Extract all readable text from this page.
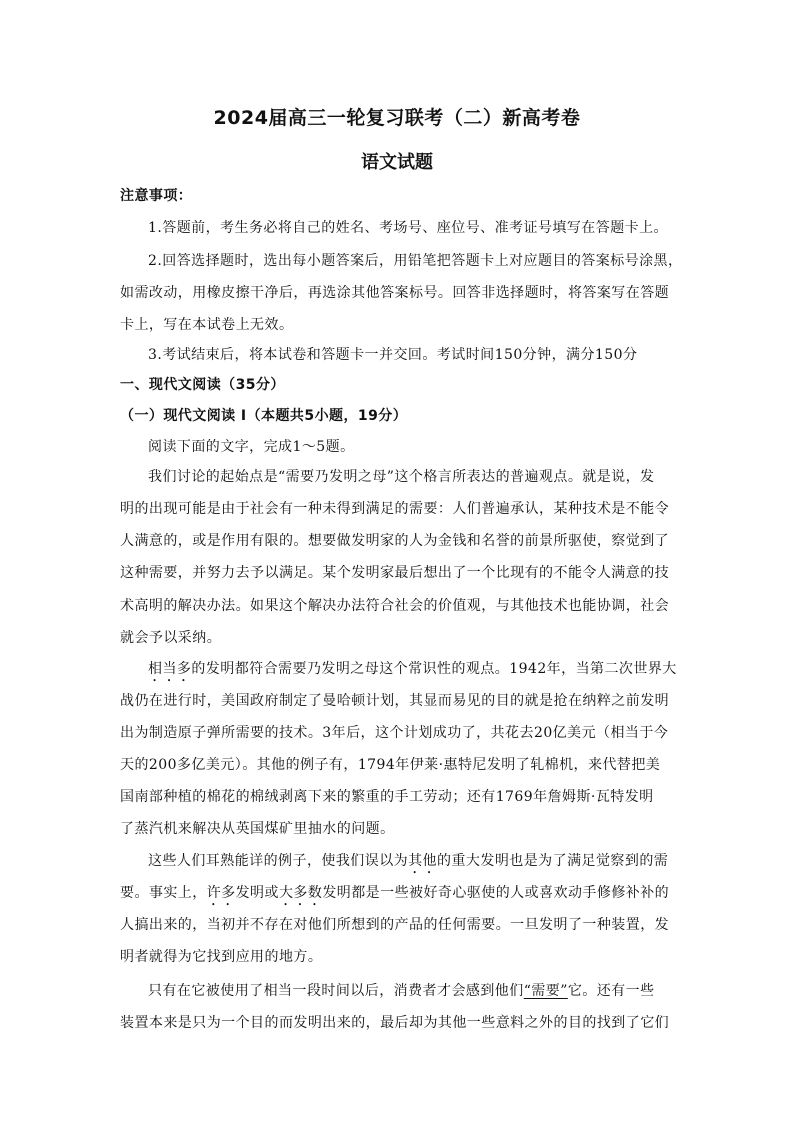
2024届高三一轮复习联考（二）新高考卷
语文试题
注意事项：
1.答题前，考生务必将自己的姓名、考场号、座位号、准考证号填写在答题卡上。
2.回答选择题时，选出每小题答案后，用铅笔把答题卡上对应题目的答案标号涂黑，
如需改动，用橡皮擦干净后，再选涂其他答案标号。回答非选择题时，将答案写在答题
卡上，写在本试卷上无效。
3.考试结束后，将本试卷和答题卡一并交回。考试时间150分钟，满分150分
一、现代文阅读（35分）
（一）现代文阅读 I（本题共5小题，19分）
阅读下面的文字，完成1～5题。
我们讨论的起始点是“需要乃发明之母”这个格言所表达的普遍观点。就是说，发
明的出现可能是由于社会有一种未得到满足的需要：人们普遍承认，某种技术是不能令
人满意的，或是作用有限的。想要做发明家的人为金钱和名誉的前景所驱使，察觉到了
这种需要，并努力去予以满足。某个发明家最后想出了一个比现有的不能令人满意的技
术高明的解决办法。如果这个解决办法符合社会的价值观，与其他技术也能协调，社会
就会予以采纳。
相当多的发明都符合需要乃发明之母这个常识性的观点。1942年，当第二次世界大
战仍在进行时，美国政府制定了曼哈顿计划，其显而易见的目的就是抢在纳粹之前发明
出为制造原子弹所需要的技术。3年后，这个计划成功了，共花去20亿美元（相当于今
天的200多亿美元）。其他的例子有，1794年伊莱·惠特尼发明了轧棉机，来代替把美
国南部种植的棉花的棉绒剥离下来的繁重的手工劳动；还有1769年詹姆斯·瓦特发明
了蒸汽机来解决从英国煤矿里抽水的问题。
这些人们耳熟能详的例子，使我们误以为其他的重大发明也是为了满足觉察到的需
要。事实上，许多发明或大多数发明都是一些被好奇心驱使的人或喜欢动手修修补补的
人搞出来的，当初并不存在对他们所想到的产品的任何需要。一旦发明了一种装置，发
明者就得为它找到应用的地方。
只有在它被使用了相当一段时间以后，消费者才会感到他们“需要”它。还有一些
装置本来是只为一个目的而发明出来的，最后却为其他一些意料之外的目的找到了它们
